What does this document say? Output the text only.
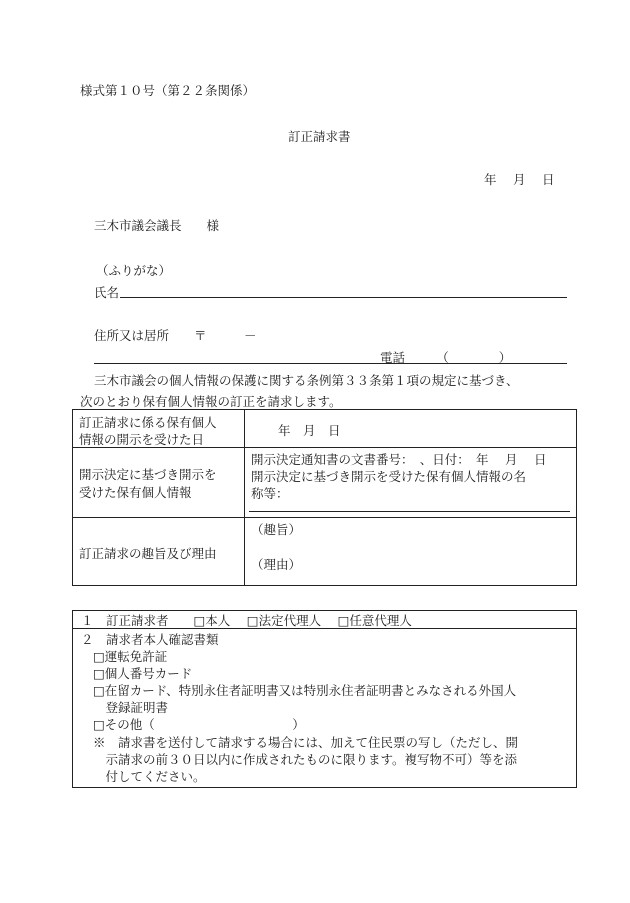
様式第１０号（第２２条関係）
訂正請求書
年　 月　 日
三木市議会議長　　様
（ふりがな）
氏名
住所又は居所　　〒　　　－
電話　　　（　　　　）
三木市議会の個人情報の保護に関する条例第３３条第１項の規定に基づき、
次のとおり保有個人情報の訂正を請求します。
訂正請求に係る保有個人
情報の開示を受けた日
年　月　日
開示決定に基づき開示を
受けた保有個人情報
開示決定通知書の文書番号：　、日付：　年　 月　 日
開示決定に基づき開示を受けた保有個人情報の名
称等：
訂正請求の趣旨及び理由
（趣旨）
（理由）
１　訂正請求者　　□本人　 □法定代理人　 □任意代理人
２　請求者本人確認書類
□運転免許証
□個人番号カード
□在留カード、特別永住者証明書又は特別永住者証明書とみなされる外国人
　登録証明書
□その他（　　　　　　　　　　　）
※　請求書を送付して請求する場合には、加えて住民票の写し（ただし、開
　示請求の前３０日以内に作成されたものに限ります。複写物不可）等を添
　付してください。
